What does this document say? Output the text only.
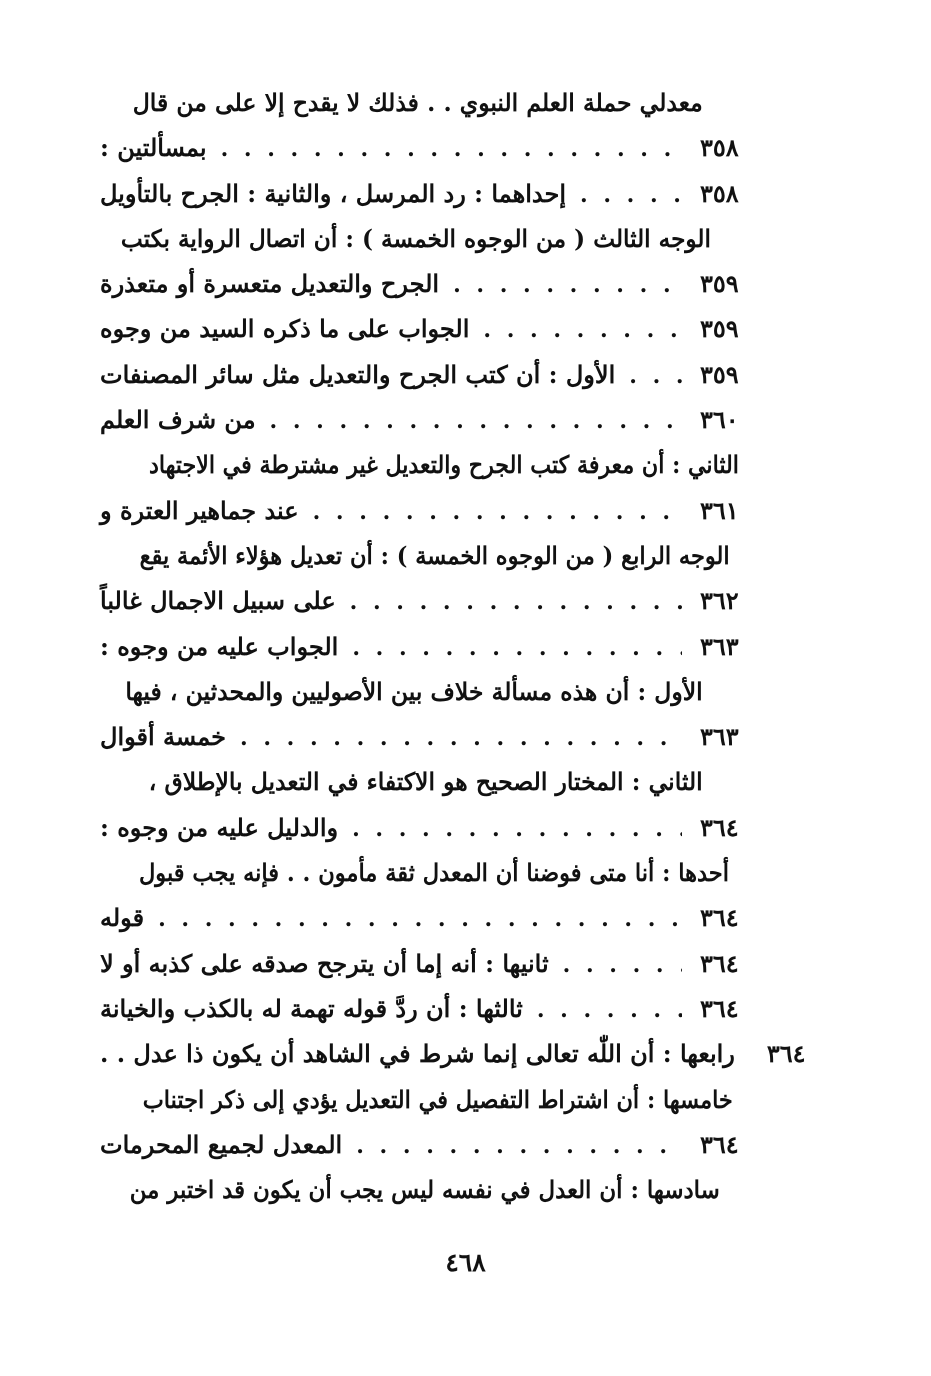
معدلي حملة العلم النبوي . . فذلك لا يقدح إلا على من قال
بمسألتين : . . .	٣٥٨
إحداهما : رد المرسل ، والثانية : الجرح بالتأويل . . .	٣٥٨
الوجه الثالث ( من الوجوه الخمسة ) : أن اتصال الرواية بكتب
الجرح والتعديل متعسرة أو متعذرة . . .	٣٥٩
الجواب على ما ذكره السيد من وجوه . . .	٣٥٩
الأول : أن كتب الجرح والتعديل مثل سائر المصنفات . . .	٣٥٩
من شرف العلم . . .	٣٦٠
الثاني : أن معرفة كتب الجرح والتعديل غير مشترطة في الاجتهاد
عند جماهير العترة و . . .	٣٦١
الوجه الرابع ( من الوجوه الخمسة ) : أن تعديل هؤلاء الأئمة يقع
على سبيل الاجمال غالباً . . .	٣٦٢
الجواب عليه من وجوه : . . .	٣٦٣
الأول : أن هذه مسألة خلاف بين الأصوليين والمحدثين ، فيها
خمسة أقوال . . .	٣٦٣
الثاني : المختار الصحيح هو الاكتفاء في التعديل بالإطلاق ،
والدليل عليه من وجوه : . . .	٣٦٤
أحدها : أنا متى فوضنا أن المعدل ثقة مأمون . . فإنه يجب قبول
قوله . . .	٣٦٤
ثانيها : أنه إما أن يترجح صدقه على كذبه أو لا . . .	٣٦٤
ثالثها : أن ردَّ قوله تهمة له بالكذب والخيانة . . .	٣٦٤
رابعها : أن اللّٰه تعالى إنما شرط في الشاهد أن يكون ذا عدل . .	٣٦٤
خامسها : أن اشتراط التفصيل في التعديل يؤدي إلى ذكر اجتناب
المعدل لجميع المحرمات . . .	٣٦٤
سادسها : أن العدل في نفسه ليس يجب أن يكون قد اختبر من
٤٦٨
